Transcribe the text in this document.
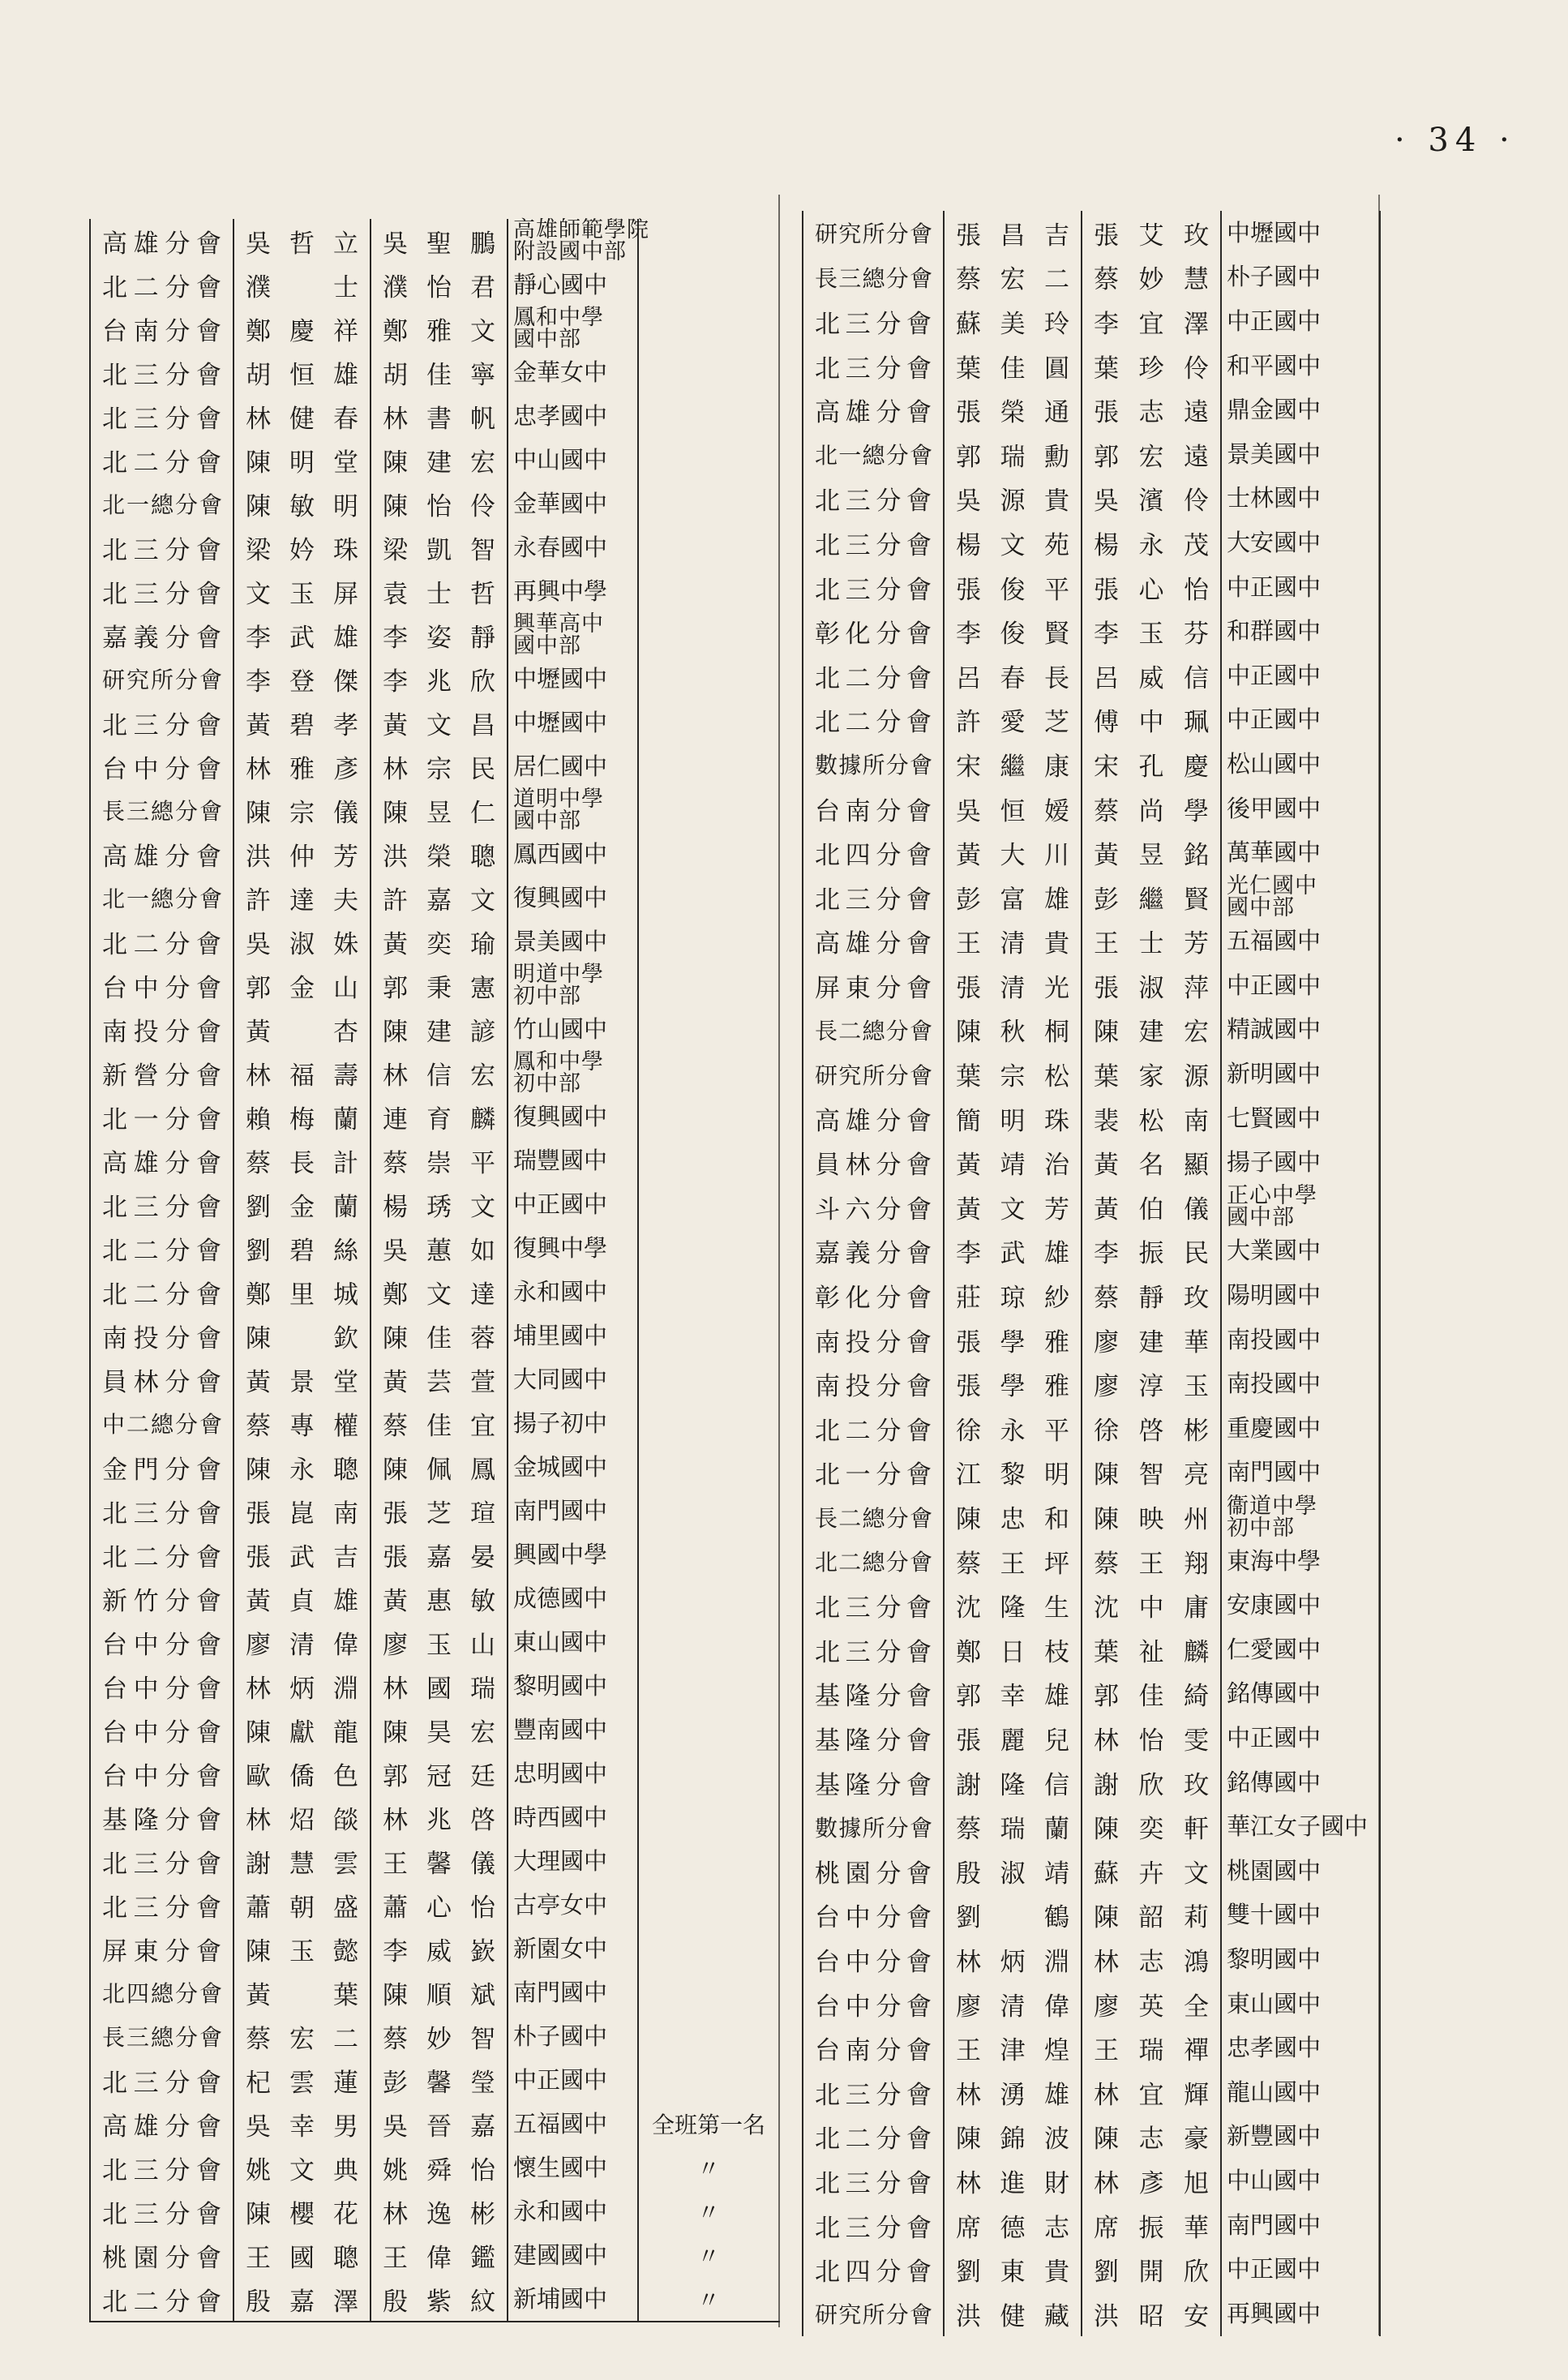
· 34 ·
高雄分會 吳哲立 吳聖鵬 高雄師範學院
附設國中部
北二分會 濮　士 濮怡君 靜心國中
台南分會 鄭慶祥 鄭雅文 鳳和中學
國中部
北三分會 胡恒雄 胡佳寧 金華女中
北三分會 林健春 林書帆 忠孝國中
北二分會 陳明堂 陳建宏 中山國中
北一總分會 陳敏明 陳怡伶 金華國中
北三分會 梁妗珠 梁凱智 永春國中
北三分會 文玉屏 袁士哲 再興中學
嘉義分會 李武雄 李姿靜 興華高中
國中部
研究所分會 李登傑 李兆欣 中壢國中
北三分會 黃碧孝 黃文昌 中壢國中
台中分會 林雅彥 林宗民 居仁國中
長三總分會 陳宗儀 陳昱仁 道明中學
國中部
高雄分會 洪仲芳 洪榮聰 鳳西國中
北一總分會 許達夫 許嘉文 復興國中
北二分會 吳淑姝 黃奕瑜 景美國中
台中分會 郭金山 郭秉憲 明道中學
初中部
南投分會 黃　杏 陳建諺 竹山國中
新營分會 林福壽 林信宏 鳳和中學
初中部
北一分會 賴梅蘭 連育麟 復興國中
高雄分會 蔡長計 蔡崇平 瑞豐國中
北三分會 劉金蘭 楊琇文 中正國中
北二分會 劉碧絲 吳蕙如 復興中學
北二分會 鄭里城 鄭文達 永和國中
南投分會 陳　欽 陳佳蓉 埔里國中
員林分會 黃景堂 黃芸萱 大同國中
中二總分會 蔡專權 蔡佳宜 揚子初中
金門分會 陳永聰 陳佩鳳 金城國中
北三分會 張崑南 張芝瑄 南門國中
北二分會 張武吉 張嘉晏 興國中學
新竹分會 黃貞雄 黃惠敏 成德國中
台中分會 廖清偉 廖玉山 東山國中
台中分會 林炳淵 林國瑞 黎明國中
台中分會 陳獻龍 陳昊宏 豐南國中
台中分會 歐僑色 郭冠廷 忠明國中
基隆分會 林炤燄 林兆啓 時西國中
北三分會 謝慧雲 王馨儀 大理國中
北三分會 蕭朝盛 蕭心怡 古亭女中
屏東分會 陳玉懿 李威嶔 新園女中
北四總分會 黃　葉 陳順斌 南門國中
長三總分會 蔡宏二 蔡妙智 朴子國中
北三分會 杞雲蓮 彭馨瑩 中正國中
高雄分會 吳幸男 吳晉嘉 五福國中	全班第一名
北三分會 姚文典 姚舜怡 懷生國中	〃
北三分會 陳櫻花 林逸彬 永和國中	〃
桃園分會 王國聰 王偉鑑 建國國中	〃
北二分會 殷嘉澤 殷紫紋 新埔國中	〃
研究所分會 張昌吉 張艾玫 中壢國中
長三總分會 蔡宏二 蔡妙慧 朴子國中
北三分會 蘇美玲 李宜澤 中正國中
北三分會 葉佳圓 葉珍伶 和平國中
高雄分會 張榮通 張志遠 鼎金國中
北一總分會 郭瑞勳 郭宏遠 景美國中
北三分會 吳源貴 吳濱伶 士林國中
北三分會 楊文苑 楊永茂 大安國中
北三分會 張俊平 張心怡 中正國中
彰化分會 李俊賢 李玉芬 和群國中
北二分會 呂春長 呂威信 中正國中
北二分會 許愛芝 傅中珮 中正國中
數據所分會 宋繼康 宋孔慶 松山國中
台南分會 吳恒嫒 蔡尚學 後甲國中
北四分會 黃大川 黃昱銘 萬華國中
北三分會 彭富雄 彭繼賢 光仁國中
國中部
高雄分會 王清貴 王士芳 五福國中
屏東分會 張清光 張淑萍 中正國中
長二總分會 陳秋桐 陳建宏 精誠國中
研究所分會 葉宗松 葉家源 新明國中
高雄分會 簡明珠 裴松南 七賢國中
員林分會 黃靖治 黃名顯 揚子國中
斗六分會 黃文芳 黃伯儀 正心中學
國中部
嘉義分會 李武雄 李振民 大業國中
彰化分會 莊琼紗 蔡靜玫 陽明國中
南投分會 張學雅 廖建華 南投國中
南投分會 張學雅 廖淳玉 南投國中
北二分會 徐永平 徐啓彬 重慶國中
北一分會 江黎明 陳智亮 南門國中
長二總分會 陳忠和 陳映州 衞道中學
初中部
北二總分會 蔡王坪 蔡王翔 東海中學
北三分會 沈隆生 沈中庸 安康國中
北三分會 鄭日枝 葉祉麟 仁愛國中
基隆分會 郭幸雄 郭佳綺 銘傳國中
基隆分會 張麗兒 林怡雯 中正國中
基隆分會 謝隆信 謝欣玫 銘傳國中
數據所分會 蔡瑞蘭 陳奕軒 華江女子國中
桃園分會 殷淑靖 蘇卉文 桃園國中
台中分會 劉　鶴 陳韶莉 雙十國中
台中分會 林炳淵 林志鴻 黎明國中
台中分會 廖清偉 廖英全 東山國中
台南分會 王津煌 王瑞禪 忠孝國中
北三分會 林湧雄 林宜輝 龍山國中
北二分會 陳錦波 陳志豪 新豐國中
北三分會 林進財 林彥旭 中山國中
北三分會 席德志 席振華 南門國中
北四分會 劉東貴 劉開欣 中正國中
研究所分會 洪健藏 洪昭安 再興國中
